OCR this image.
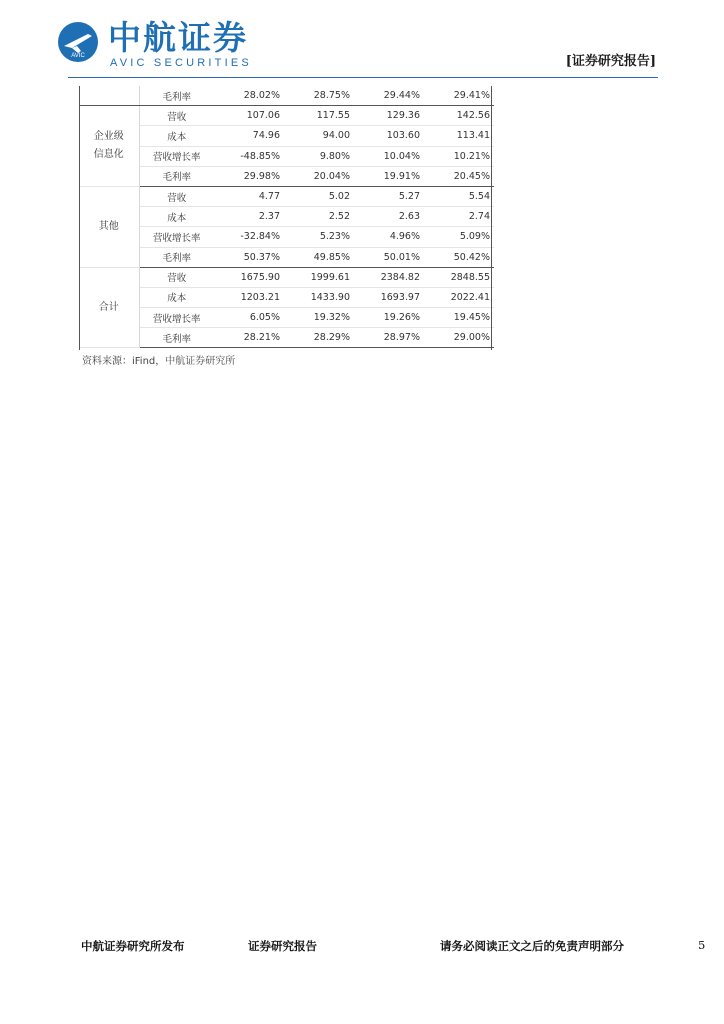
AVIC 中航证券
AVIC SECURITIES	[证券研究报告]
	毛利率	28.02%	28.75%	29.44%	29.41%

企业级
信息化	营收	107.06	117.55	129.36	142.56
	成本	74.96	94.00	103.60	113.41
	营收增长率	-48.85%	9.80%	10.04%	10.21%
	毛利率	29.98%	20.04%	19.91%	20.45%
其他	营收	4.77	5.02	5.27	5.54
	成本	2.37	2.52	2.63	2.74
	营收增长率	-32.84%	5.23%	4.96%	5.09%
	毛利率	50.37%	49.85%	50.01%	50.42%
合计	营收	1675.90	1999.61	2384.82	2848.55
	成本	1203.21	1433.90	1693.97	2022.41
	营收增长率	6.05%	19.32%	19.26%	19.45%
	毛利率	28.21%	28.29%	28.97%	29.00%
资料来源：iFind，中航证券研究所
中航证券研究所发布	证券研究报告	请务必阅读正文之后的免责声明部分	5
